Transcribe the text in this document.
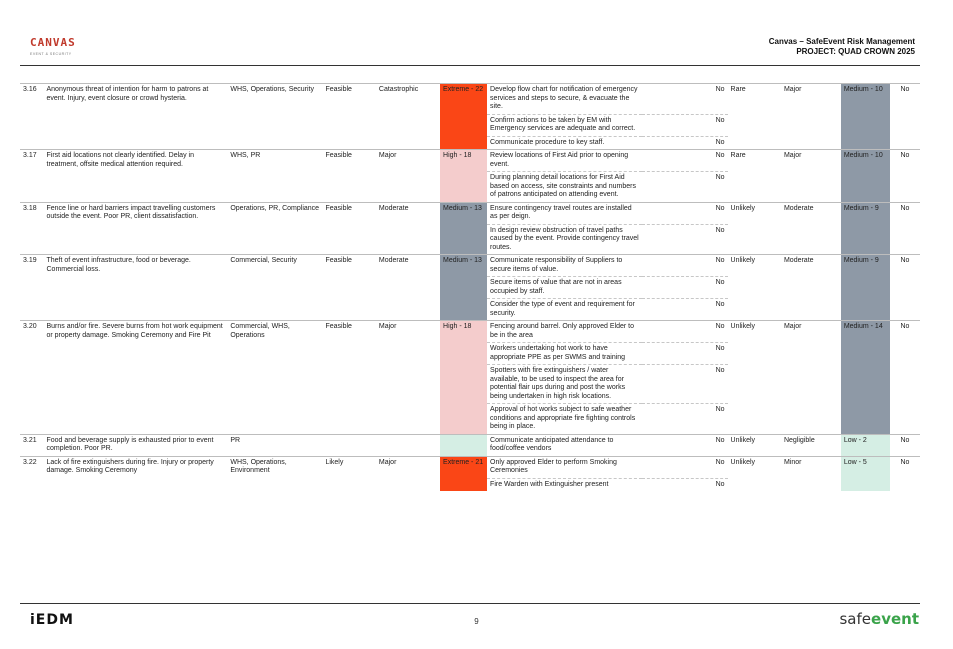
CANVAS
EVENT & SECURITY
Canvas – SafeEvent Risk Management
PROJECT: QUAD CROWN 2025
3.16	Anonymous threat of intention for harm to patrons at event. Injury, event closure or crowd hysteria.	WHS, Operations, Security	Feasible	Catastrophic	Extreme - 22	Develop flow chart for notification of emergency services and steps to secure, & evacuate the site.	No	Rare	Major	Medium - 10	No
						Confirm actions to be taken by EM with Emergency services are adequate and correct.	No				
						Communicate procedure to key staff.	No				
3.17	First aid locations not clearly identified. Delay in treatment, offsite medical attention required.	WHS, PR	Feasible	Major	High - 18	Review locations of First Aid prior to opening event.	No	Rare	Major	Medium - 10	No
						During planning detail locations for First Aid based on access, site constraints and numbers of patrons anticipated on attending event.	No				
3.18	Fence line or hard barriers impact travelling customers outside the event. Poor PR, client dissatisfaction.	Operations, PR, Compliance	Feasible	Moderate	Medium - 13	Ensure contingency travel routes are installed as per deign.	No	Unlikely	Moderate	Medium - 9	No
						In design review obstruction of travel paths caused by the event. Provide contingency travel routes.	No				
3.19	Theft of event infrastructure, food or beverage. Commercial loss.	Commercial, Security	Feasible	Moderate	Medium - 13	Communicate responsibility of Suppliers to secure items of value.	No	Unlikely	Moderate	Medium - 9	No
						Secure items of value that are not in areas occupied by staff.	No				
						Consider the type of event and requirement for security.	No				
3.20	Burns and/or fire. Severe burns from hot work equipment or property damage. Smoking Ceremony and Fire Pit	Commercial, WHS, Operations	Feasible	Major	High - 18	Fencing around barrel. Only approved Elder to be in the area	No	Unlikely	Major	Medium - 14	No
						Workers undertaking hot work to have appropriate PPE as per SWMS and training	No				
						Spotters with fire extinguishers / water available, to be used to inspect the area for potential flair ups during and post the works being undertaken in high risk locations.	No				
						Approval of hot works subject to safe weather conditions and appropriate fire fighting controls being in place.	No				
3.21	Food and beverage supply is exhausted prior to event completion. Poor PR.	PR				Communicate anticipated attendance to food/coffee vendors	No	Unlikely	Negligible	Low - 2	No
3.22	Lack of fire extinguishers during fire. Injury or property damage. Smoking Ceremony	WHS, Operations, Environment	Likely	Major	Extreme - 21	Only approved Elder to perform Smoking Ceremonies	No	Unlikely	Minor	Low - 5	No
						Fire Warden with Extinguisher present	No				
iEDM	9	safeevent
